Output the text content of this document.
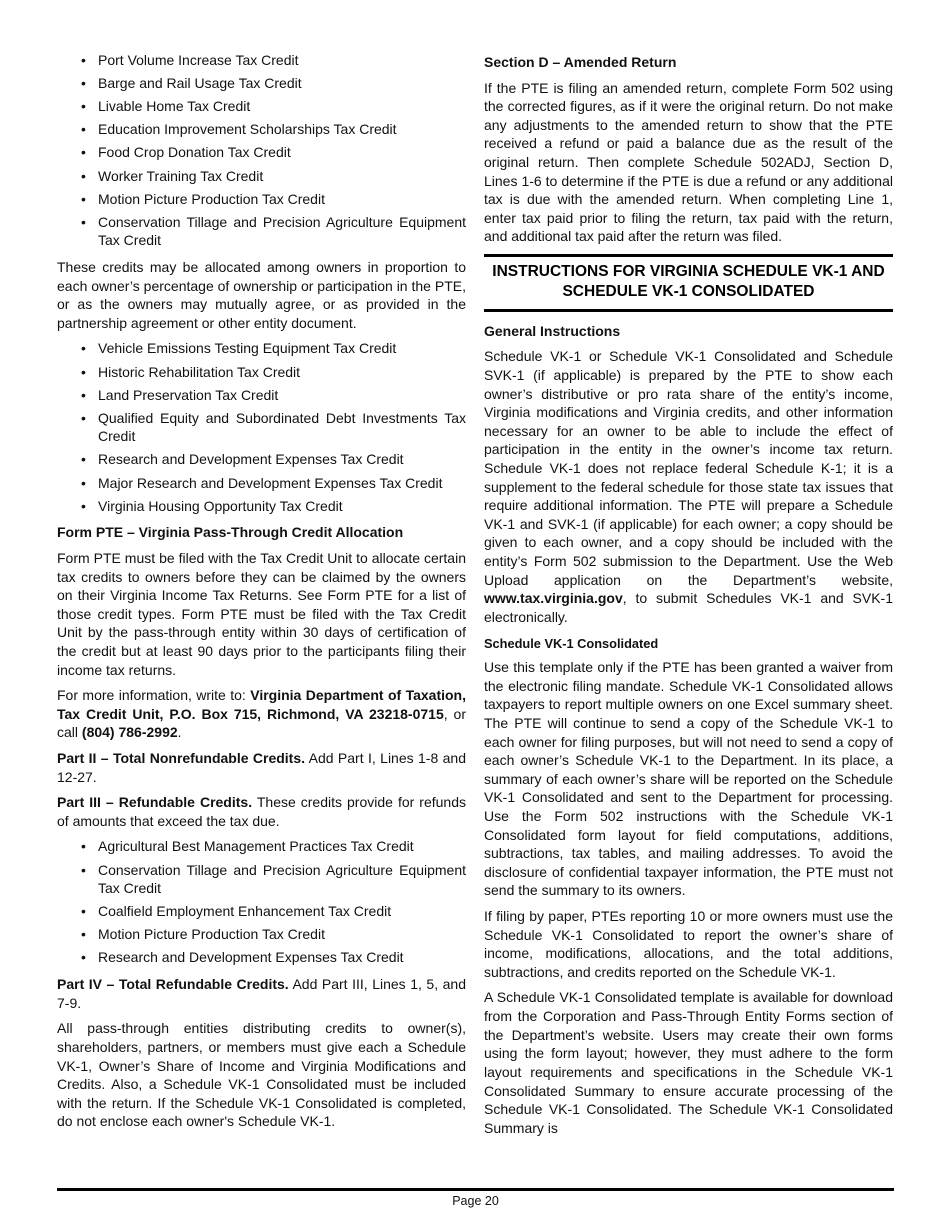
• Port Volume Increase Tax Credit
• Barge and Rail Usage Tax Credit
• Livable Home Tax Credit
• Education Improvement Scholarships Tax Credit
• Food Crop Donation Tax Credit
• Worker Training Tax Credit
• Motion Picture Production Tax Credit
• Conservation Tillage and Precision Agriculture Equipment Tax Credit

These credits may be allocated among owners in proportion to each owner’s percentage of ownership or participation in the PTE, or as the owners may mutually agree, or as provided in the partnership agreement or other entity document.

• Vehicle Emissions Testing Equipment Tax Credit
• Historic Rehabilitation Tax Credit
• Land Preservation Tax Credit
• Qualified Equity and Subordinated Debt Investments Tax Credit
• Research and Development Expenses Tax Credit
• Major Research and Development Expenses Tax Credit
• Virginia Housing Opportunity Tax Credit
Form PTE – Virginia Pass-Through Credit Allocation

Form PTE must be filed with the Tax Credit Unit to allocate certain tax credits to owners before they can be claimed by the owners on their Virginia Income Tax Returns. See Form PTE for a list of those credit types. Form PTE must be filed with the Tax Credit Unit by the pass-through entity within 30 days of certification of the credit but at least 90 days prior to the participants filing their income tax returns.

For more information, write to: Virginia Department of Taxation, Tax Credit Unit, P.O. Box 715, Richmond, VA 23218-0715, or call (804) 786-2992.

Part II – Total Nonrefundable Credits. Add Part I, Lines 1-8 and 12-27.

Part III – Refundable Credits. These credits provide for refunds of amounts that exceed the tax due.

• Agricultural Best Management Practices Tax Credit
• Conservation Tillage and Precision Agriculture Equipment Tax Credit
• Coalfield Employment Enhancement Tax Credit
• Motion Picture Production Tax Credit
• Research and Development Expenses Tax Credit

Part IV – Total Refundable Credits. Add Part III, Lines 1, 5, and 7-9.

All pass-through entities distributing credits to owner(s), shareholders, partners, or members must give each a Schedule VK-1, Owner’s Share of Income and Virginia Modifications and Credits. Also, a Schedule VK-1 Consolidated must be included with the return. If the Schedule VK-1 Consolidated is completed, do not enclose each owner's Schedule VK-1.

Section D – Amended Return

If the PTE is filing an amended return, complete Form 502 using the corrected figures, as if it were the original return. Do not make any adjustments to the amended return to show that the PTE received a refund or paid a balance due as the result of the original return. Then complete Schedule 502ADJ, Section D, Lines 1-6 to determine if the PTE is due a refund or any additional tax is due with the amended return. When completing Line 1, enter tax paid prior to filing the return, tax paid with the return, and additional tax paid after the return was filed.

INSTRUCTIONS FOR VIRGINIA SCHEDULE VK-1 AND SCHEDULE VK-1 CONSOLIDATED
General Instructions

Schedule VK-1 or Schedule VK-1 Consolidated and Schedule SVK-1 (if applicable) is prepared by the PTE to show each owner’s distributive or pro rata share of the entity’s income, Virginia modifications and Virginia credits, and other information necessary for an owner to be able to include the effect of participation in the entity in the owner’s income tax return. Schedule VK-1 does not replace federal Schedule K-1; it is a supplement to the federal schedule for those state tax issues that require additional information. The PTE will prepare a Schedule VK-1 and SVK-1 (if applicable) for each owner; a copy should be given to each owner, and a copy should be included with the entity’s Form 502 submission to the Department. Use the Web Upload application on the Department’s website, www.tax.virginia.gov, to submit Schedules VK-1 and SVK-1 electronically.

Schedule VK-1 Consolidated

Use this template only if the PTE has been granted a waiver from the electronic filing mandate. Schedule VK-1 Consolidated allows taxpayers to report multiple owners on one Excel summary sheet. The PTE will continue to send a copy of the Schedule VK-1 to each owner for filing purposes, but will not need to send a copy of each owner’s Schedule VK-1 to the Department. In its place, a summary of each owner’s share will be reported on the Schedule VK-1 Consolidated and sent to the Department for processing. Use the Form 502 instructions with the Schedule VK-1 Consolidated form layout for field computations, additions, subtractions, tax tables, and mailing addresses. To avoid the disclosure of confidential taxpayer information, the PTE must not send the summary to its owners.

If filing by paper, PTEs reporting 10 or more owners must use the Schedule VK-1 Consolidated to report the owner’s share of income, modifications, allocations, and the total additions, subtractions, and credits reported on the Schedule VK-1.

A Schedule VK-1 Consolidated template is available for download from the Corporation and Pass-Through Entity Forms section of the Department’s website. Users may create their own forms using the form layout; however, they must adhere to the form layout requirements and specifications in the Schedule VK-1 Consolidated Summary to ensure accurate processing of the Schedule VK-1 Consolidated. The Schedule VK-1 Consolidated Summary is

Page 20
